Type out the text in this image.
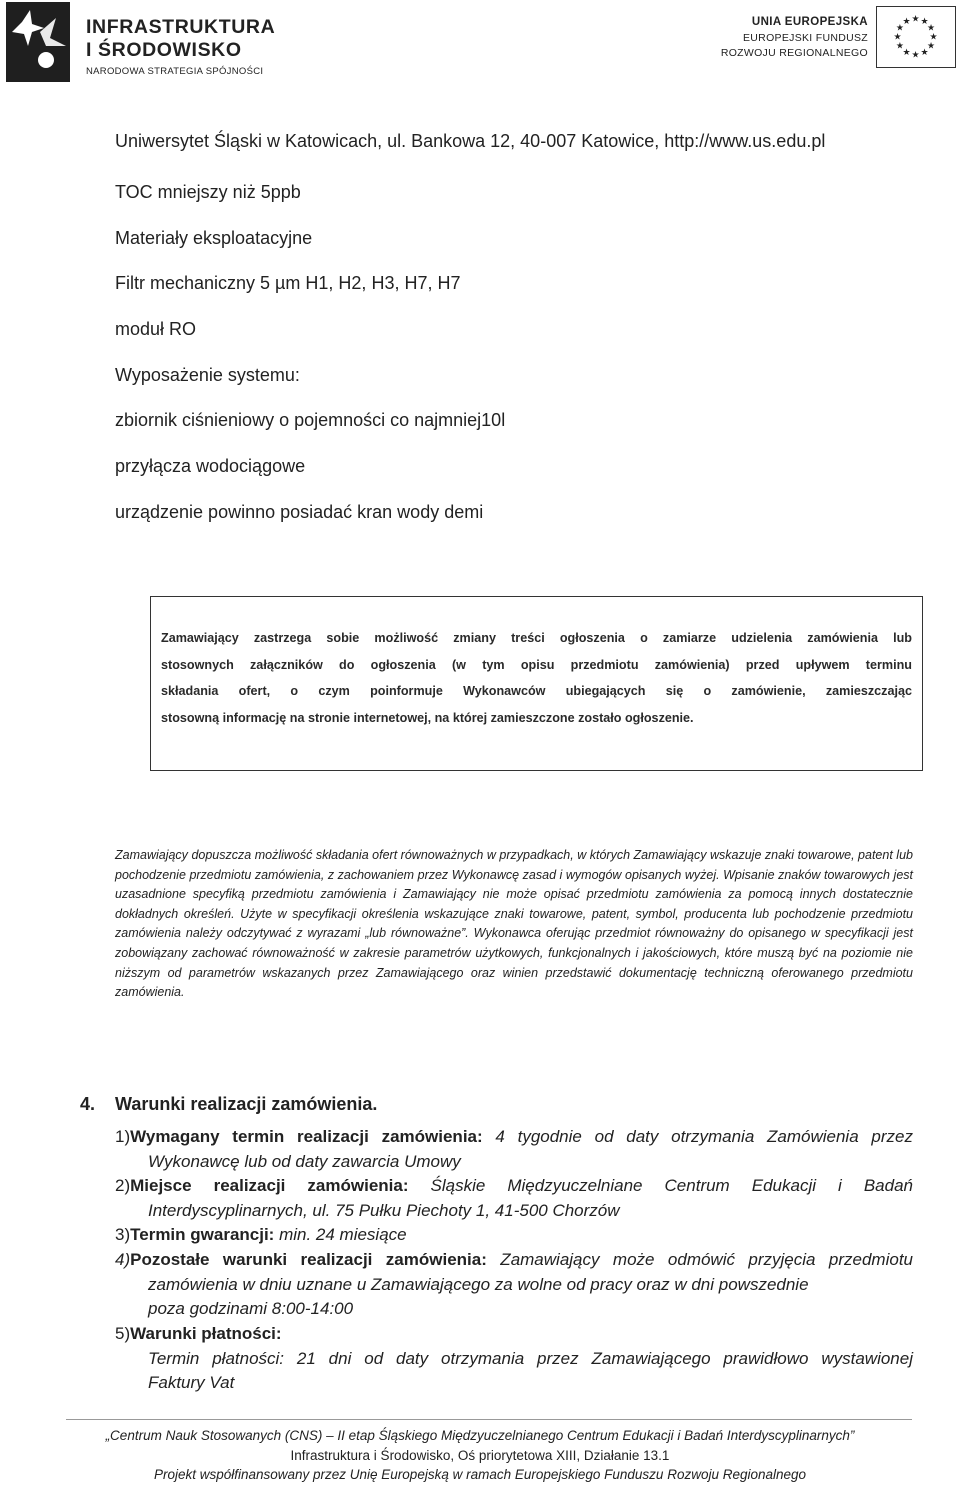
INFRASTRUKTURA
I ŚRODOWISKO
NARODOWA STRATEGIA SPÓJNOŚCI
UNIA EUROPEJSKA
EUROPEJSKI FUNDUSZ
ROZWOJU REGIONALNEGO
★ ★
★
★
★
★
★
★
★
★
★
★
Uniwersytet Śląski w Katowicach, ul. Bankowa 12, 40-007 Katowice, http://www.us.edu.pl
TOC mniejszy niż 5ppb
Materiały eksploatacyjne
Filtr mechaniczny 5 µm H1, H2, H3, H7, H7
moduł RO
Wyposażenie systemu:
zbiornik ciśnieniowy o pojemności co najmniej10l
przyłącza wodociągowe
urządzenie powinno posiadać kran wody demi

Zamawiający zastrzega sobie możliwość zmiany treści ogłoszenia o zamiarze udzielenia zamówienia lub
stosownych załączników do ogłoszenia (w tym opisu przedmiotu zamówienia) przed upływem terminu
składania ofert, o czym poinformuje Wykonawców ubiegających się o zamówienie, zamieszczając
stosowną informację na stronie internetowej, na której zamieszczone zostało ogłoszenie.

Zamawiający dopuszcza możliwość składania ofert równoważnych w przypadkach, w których Zamawiający wskazuje znaki towarowe, patent lub pochodzenie przedmiotu zamówienia, z zachowaniem przez Wykonawcę zasad i wymogów opisanych wyżej. Wpisanie znaków towarowych jest uzasadnione specyfiką przedmiotu zamówienia i Zamawiający nie może opisać przedmiotu zamówienia za pomocą innych dostatecznie dokładnych określeń. Użyte w specyfikacji określenia wskazujące znaki towarowe, patent, symbol, producenta lub pochodzenie przedmiotu zamówienia należy odczytywać z wyrazami „lub równoważne”. Wykonawca oferując przedmiot równoważny do opisanego w specyfikacji jest zobowiązany zachować równoważność w zakresie parametrów użytkowych, funkcjonalnych i jakościowych, które muszą być na poziomie nie niższym od parametrów wskazanych przez Zamawiającego oraz winien przedstawić dokumentację techniczną oferowanego przedmiotu zamówienia.

4. Warunki realizacji zamówienia.
1)Wymagany termin realizacji zamówienia: 4 tygodnie od daty otrzymania Zamówienia przez
Wykonawcę lub od daty zawarcia Umowy
2)Miejsce realizacji zamówienia: Śląskie Międzyuczelniane Centrum Edukacji i Badań
Interdyscyplinarnych, ul. 75 Pułku Piechoty 1, 41-500 Chorzów
3)Termin gwarancji: min. 24 miesiące
4)Pozostałe warunki realizacji zamówienia: Zamawiający może odmówić przyjęcia przedmiotu
zamówienia w dniu uznane u Zamawiającego za wolne od pracy oraz w dni powszednie
poza godzinami 8:00-14:00
5)Warunki płatności:
Termin płatności: 21 dni od daty otrzymania przez Zamawiającego prawidłowo wystawionej
Faktury Vat
„Centrum Nauk Stosowanych (CNS) – II etap Śląskiego Międzyuczelnianego Centrum Edukacji i Badań Interdyscyplinarnych”
Infrastruktura i Środowisko, Oś priorytetowa XIII, Działanie 13.1
Projekt współfinansowany przez Unię Europejską w ramach Europejskiego Funduszu Rozwoju Regionalnego
